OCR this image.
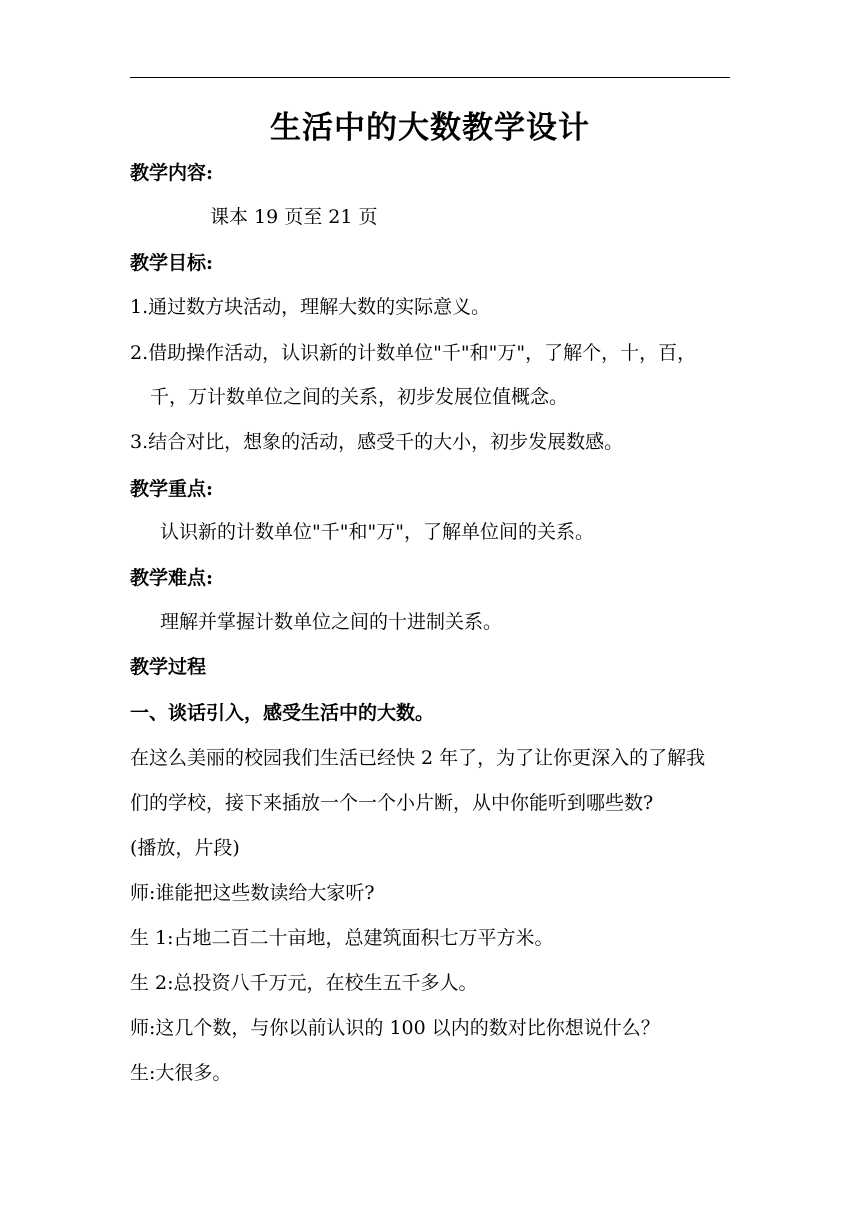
生活中的大数教学设计
教学内容:
课本 19 页至 21 页
教学目标:
1.通过数方块活动，理解大数的实际意义。
2.借助操作活动，认识新的计数单位"千"和"万"，了解个，十，百，
千，万计数单位之间的关系，初步发展位值概念。
3.结合对比，想象的活动，感受千的大小，初步发展数感。
教学重点:
认识新的计数单位"千"和"万"，了解单位间的关系。
教学难点:
理解并掌握计数单位之间的十进制关系。
教学过程
一、谈话引入，感受生活中的大数。
在这么美丽的校园我们生活已经快 2 年了，为了让你更深入的了解我
们的学校，接下来插放一个一个小片断，从中你能听到哪些数?
(播放，片段)
师:谁能把这些数读给大家听?
生 1:占地二百二十亩地，总建筑面积七万平方米。
生 2:总投资八千万元，在校生五千多人。
师:这几个数，与你以前认识的 100 以内的数对比你想说什么？
生:大很多。
